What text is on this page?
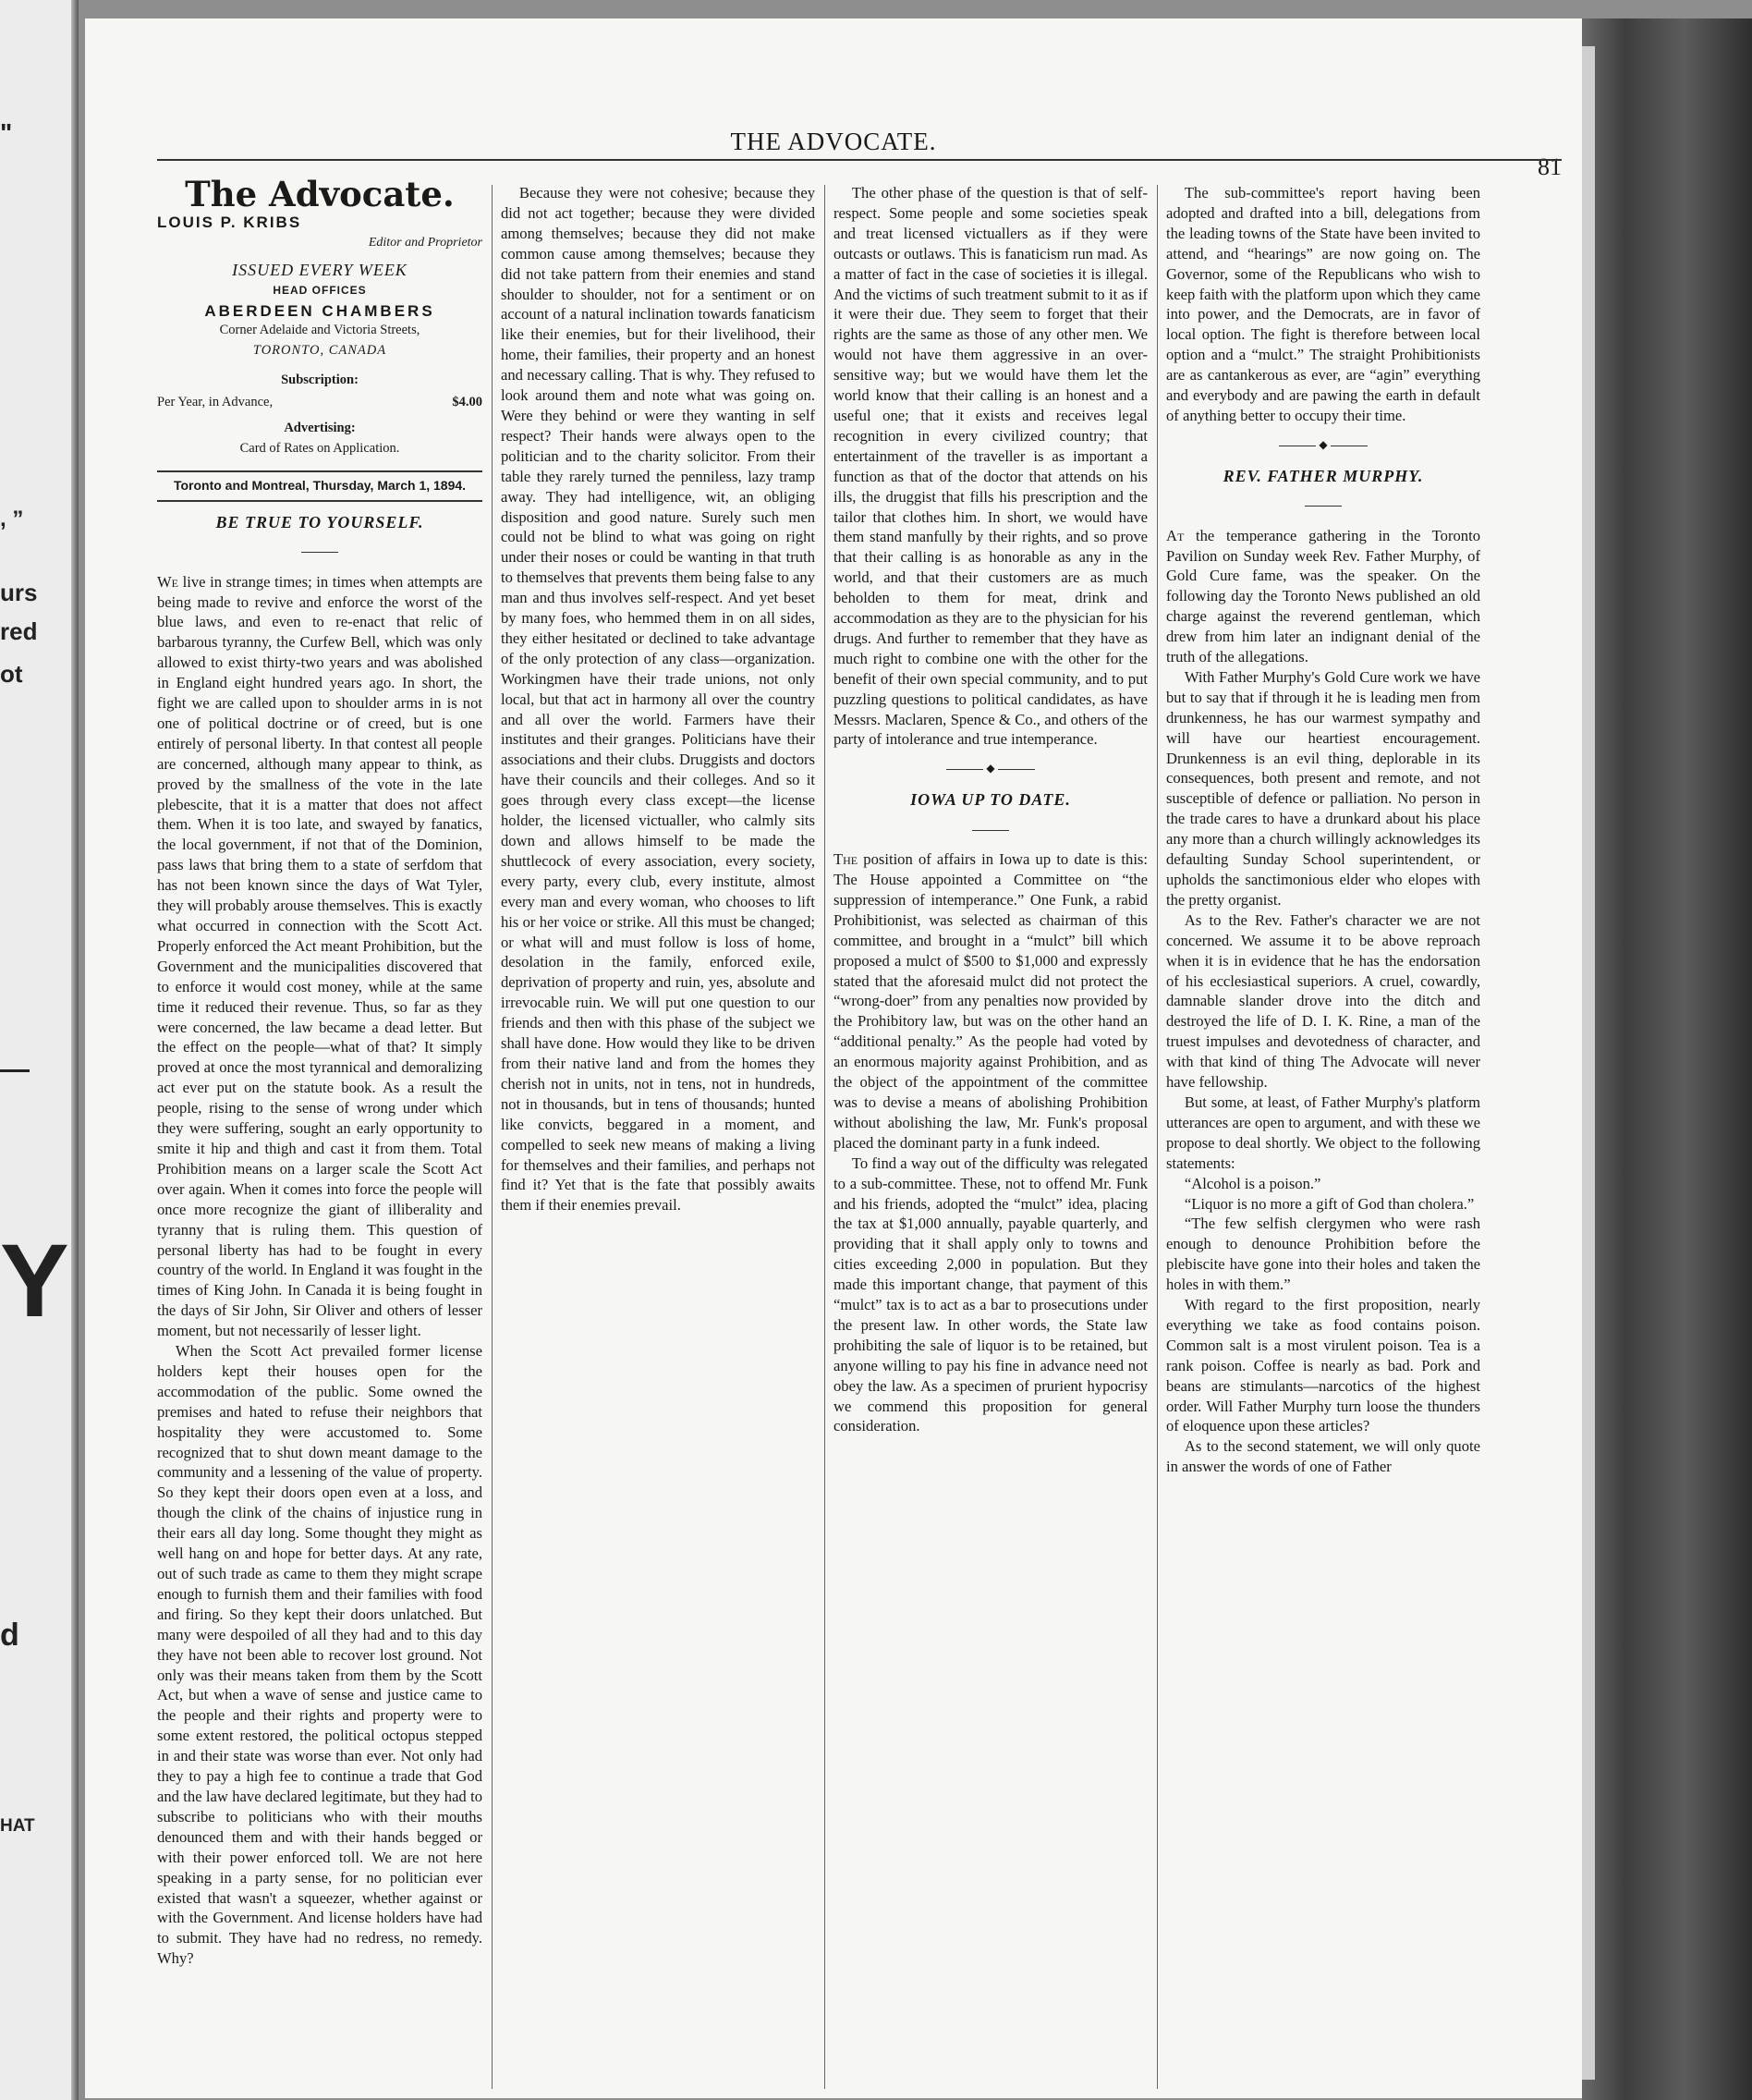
"
, ”
urs
red
ot
Y
d
HAT
THE ADVOCATE.
81
The Advocate.
LOUIS P. KRIBS
Editor and Proprietor
ISSUED EVERY WEEK
HEAD OFFICES
ABERDEEN CHAMBERS
Corner Adelaide and Victoria Streets,
TORONTO, CANADA
Subscription:
Per Year, in Advance,	$4.00
Advertising:
Card of Rates on Application.
Toronto and Montreal, Thursday, March 1, 1894.
BE TRUE TO YOURSELF.

We live in strange times; in times when attempts are being made to revive and enforce the worst of the blue laws, and even to re-enact that relic of barbarous tyranny, the Curfew Bell, which was only allowed to exist thirty-two years and was abolished in England eight hundred years ago. In short, the fight we are called upon to shoulder arms in is not one of political doctrine or of creed, but is one entirely of personal liberty. In that contest all people are concerned, although many appear to think, as proved by the smallness of the vote in the late plebescite, that it is a matter that does not affect them. When it is too late, and swayed by fanatics, the local government, if not that of the Dominion, pass laws that bring them to a state of serfdom that has not been known since the days of Wat Tyler, they will probably arouse themselves. This is exactly what occurred in connection with the Scott Act. Properly enforced the Act meant Prohibition, but the Government and the municipalities discovered that to enforce it would cost money, while at the same time it reduced their revenue. Thus, so far as they were concerned, the law became a dead letter. But the effect on the people—what of that? It simply proved at once the most tyrannical and demoralizing act ever put on the statute book. As a result the people, rising to the sense of wrong under which they were suffering, sought an early opportunity to smite it hip and thigh and cast it from them. Total Prohibition means on a larger scale the Scott Act over again. When it comes into force the people will once more recognize the giant of illiberality and tyranny that is ruling them. This question of personal liberty has had to be fought in every country of the world. In England it was fought in the times of King John. In Canada it is being fought in the days of Sir John, Sir Oliver and others of lesser moment, but not necessarily of lesser light.

When the Scott Act prevailed former license holders kept their houses open for the accommodation of the public. Some owned the premises and hated to refuse their neighbors that hospitality they were accustomed to. Some recognized that to shut down meant damage to the community and a lessening of the value of property. So they kept their doors open even at a loss, and though the clink of the chains of injustice rung in their ears all day long. Some thought they might as well hang on and hope for better days. At any rate, out of such trade as came to them they might scrape enough to furnish them and their families with food and firing. So they kept their doors unlatched. But many were despoiled of all they had and to this day they have not been able to recover lost ground. Not only was their means taken from them by the Scott Act, but when a wave of sense and justice came to the people and their rights and property were to some extent restored, the political octopus stepped in and their state was worse than ever. Not only had they to pay a high fee to continue a trade that God and the law have declared legitimate, but they had to subscribe to politicians who with their mouths denounced them and with their hands begged or with their power enforced toll. We are not here speaking in a party sense, for no politician ever existed that wasn't a squeezer, whether against or with the Government. And license holders have had to submit. They have had no redress, no remedy. Why?

Because they were not cohesive; because they did not act together; because they were divided among themselves; because they did not make common cause among themselves; because they did not take pattern from their enemies and stand shoulder to shoulder, not for a sentiment or on account of a natural inclination towards fanaticism like their enemies, but for their livelihood, their home, their families, their property and an honest and necessary calling. That is why. They refused to look around them and note what was going on. Were they behind or were they wanting in self respect? Their hands were always open to the politician and to the charity solicitor. From their table they rarely turned the penniless, lazy tramp away. They had intelligence, wit, an obliging disposition and good nature. Surely such men could not be blind to what was going on right under their noses or could be wanting in that truth to themselves that prevents them being false to any man and thus involves self-respect. And yet beset by many foes, who hemmed them in on all sides, they either hesitated or declined to take advantage of the only protection of any class—organization. Workingmen have their trade unions, not only local, but that act in harmony all over the country and all over the world. Farmers have their institutes and their granges. Politicians have their associations and their clubs. Druggists and doctors have their councils and their colleges. And so it goes through every class except—the license holder, the licensed victualler, who calmly sits down and allows himself to be made the shuttlecock of every association, every society, every party, every club, every institute, almost every man and every woman, who chooses to lift his or her voice or strike. All this must be changed; or what will and must follow is loss of home, desolation in the family, enforced exile, deprivation of property and ruin, yes, absolute and irrevocable ruin. We will put one question to our friends and then with this phase of the subject we shall have done. How would they like to be driven from their native land and from the homes they cherish not in units, not in tens, not in hundreds, not in thousands, but in tens of thousands; hunted like convicts, beggared in a moment, and compelled to seek new means of making a living for themselves and their families, and perhaps not find it? Yet that is the fate that possibly awaits them if their enemies prevail.

The other phase of the question is that of self-respect. Some people and some societies speak and treat licensed victuallers as if they were outcasts or outlaws. This is fanaticism run mad. As a matter of fact in the case of societies it is illegal. And the victims of such treatment submit to it as if it were their due. They seem to forget that their rights are the same as those of any other men. We would not have them aggressive in an over-sensitive way; but we would have them let the world know that their calling is an honest and a useful one; that it exists and receives legal recognition in every civilized country; that entertainment of the traveller is as important a function as that of the doctor that attends on his ills, the druggist that fills his prescription and the tailor that clothes him. In short, we would have them stand manfully by their rights, and so prove that their calling is as honorable as any in the world, and that their customers are as much beholden to them for meat, drink and accommodation as they are to the physician for his drugs. And further to remember that they have as much right to combine one with the other for the benefit of their own special community, and to put puzzling questions to political candidates, as have Messrs. Maclaren, Spence & Co., and others of the party of intolerance and true intemperance.

◆
IOWA UP TO DATE.

The position of affairs in Iowa up to date is this: The House appointed a Committee on “the suppression of intemperance.” One Funk, a rabid Prohibitionist, was selected as chairman of this committee, and brought in a “mulct” bill which proposed a mulct of $500 to $1,000 and expressly stated that the aforesaid mulct did not protect the “wrong-doer” from any penalties now provided by the Prohibitory law, but was on the other hand an “additional penalty.” As the people had voted by an enormous majority against Prohibition, and as the object of the appointment of the committee was to devise a means of abolishing Prohibition without abolishing the law, Mr. Funk's proposal placed the dominant party in a funk indeed.

To find a way out of the difficulty was relegated to a sub-committee. These, not to offend Mr. Funk and his friends, adopted the “mulct” idea, placing the tax at $1,000 annually, payable quarterly, and providing that it shall apply only to towns and cities exceeding 2,000 in population. But they made this important change, that payment of this “mulct” tax is to act as a bar to prosecutions under the present law. In other words, the State law prohibiting the sale of liquor is to be retained, but anyone willing to pay his fine in advance need not obey the law. As a specimen of prurient hypocrisy we commend this proposition for general consideration.

The sub-committee's report having been adopted and drafted into a bill, delegations from the leading towns of the State have been invited to attend, and “hearings” are now going on. The Governor, some of the Republicans who wish to keep faith with the platform upon which they came into power, and the Democrats, are in favor of local option. The fight is therefore between local option and a “mulct.” The straight Prohibitionists are as cantankerous as ever, are “agin” everything and everybody and are pawing the earth in default of anything better to occupy their time.

◆
REV. FATHER MURPHY.

At the temperance gathering in the Toronto Pavilion on Sunday week Rev. Father Murphy, of Gold Cure fame, was the speaker. On the following day the Toronto News published an old charge against the reverend gentleman, which drew from him later an indignant denial of the truth of the allegations.

With Father Murphy's Gold Cure work we have but to say that if through it he is leading men from drunkenness, he has our warmest sympathy and will have our heartiest encouragement. Drunkenness is an evil thing, deplorable in its consequences, both present and remote, and not susceptible of defence or palliation. No person in the trade cares to have a drunkard about his place any more than a church willingly acknowledges its defaulting Sunday School superintendent, or upholds the sanctimonious elder who elopes with the pretty organist.

As to the Rev. Father's character we are not concerned. We assume it to be above reproach when it is in evidence that he has the endorsation of his ecclesiastical superiors. A cruel, cowardly, damnable slander drove into the ditch and destroyed the life of D. I. K. Rine, a man of the truest impulses and devotedness of character, and with that kind of thing The Advocate will never have fellowship.

But some, at least, of Father Murphy's platform utterances are open to argument, and with these we propose to deal shortly. We object to the following statements:

“Alcohol is a poison.”

“Liquor is no more a gift of God than cholera.”

“The few selfish clergymen who were rash enough to denounce Prohibition before the plebiscite have gone into their holes and taken the holes in with them.”

With regard to the first proposition, nearly everything we take as food contains poison. Common salt is a most virulent poison. Tea is a rank poison. Coffee is nearly as bad. Pork and beans are stimulants—narcotics of the highest order. Will Father Murphy turn loose the thunders of eloquence upon these articles?

As to the second statement, we will only quote in answer the words of one of Father
